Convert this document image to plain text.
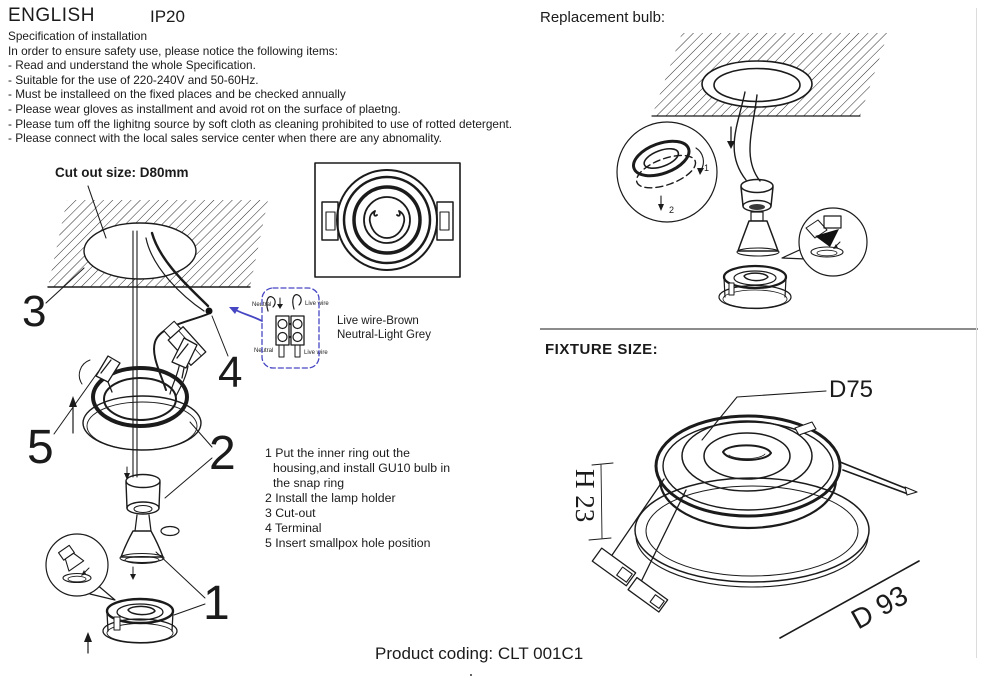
ENGLISH	IP20
Specification of installation
In order to ensure safety use, please notice the following items:
- Read and understand the whole Specification.
- Suitable for the use of 220-240V and 50-60Hz.
- Must be installeed on the fixed places and be checked annually
- Please wear gloves as installment and avoid rot on the surface of plaetng.
- Please tum off the lighitng source by soft cloth as cleaning prohibited to use of rotted detergent.
- Please connect with the local sales service center when there are any abnomality.
Cut out size: D80mm
3
4
5	2
1
Neutral	Live wire
Neutral	Live wire
Live wire-Brown
Neutral-Light Grey
1 Put the inner ring out the
housing,and install GU10 bulb in
the snap ring
2 Install the lamp holder
3 Cut-out
4 Terminal
5 Insert smallpox hole position
Replacement bulb:
1
2
FIXTURE SIZE:
D75
H 23
D 93
Product coding: CLT 001C1
